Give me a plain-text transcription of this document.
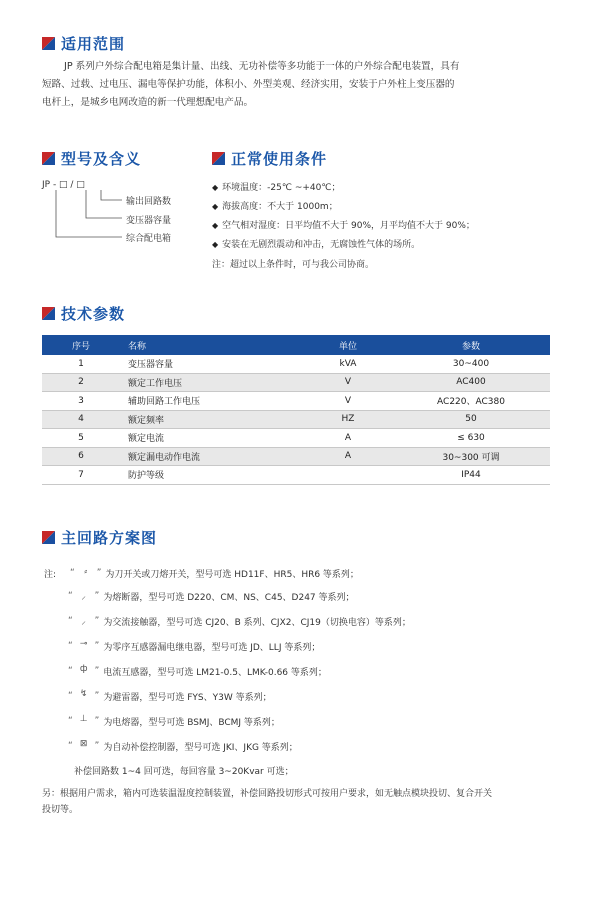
适用范围
JP 系列户外综合配电箱是集计量、出线、无功补偿等多功能于一体的户外综合配电装置，具有
短路、过载、过电压、漏电等保护功能，体积小、外型美观、经济实用，安装于户外柱上变压器的
电杆上，是城乡电网改造的新一代理想配电产品。
型号及含义
JP - □ / □
输出回路数
变压器容量
综合配电箱
正常使用条件
◆ 环境温度：-25℃ ~+40℃；
◆ 海拔高度：不大于 1000m；
◆ 空气相对湿度：日平均值不大于 90%，月平均值不大于 90%；
◆ 安装在无剧烈震动和冲击，无腐蚀性气体的场所。
注：超过以上条件时，可与我公司协商。
技术参数
序号	名称	单位	参数
1	变压器容量	kVA	30~400
2	额定工作电压	V	AC400
3	辅助回路工作电压	V	AC220、AC380
4	额定频率	HZ	50
5	额定电流	A	≤ 630
6	额定漏电动作电流	A	30~300 可调
7	防护等级		IP44
主回路方案图
注: “	⸗	” 为刀开关或刀熔开关，型号可选 HD11F、HR5、HR6 等系列；
“ ⸝ ” 为熔断器，型号可选 D220、CM、NS、C45、D247 等系列；
“ ⸝ ” 为交流接触器，型号可选 CJ20、B 系列、CJX2、CJ19（切换电容）等系列；
“ ⊸ ” 为零序互感器漏电继电器，型号可选 JD、LLJ 等系列；
“ ф ” 电流互感器，型号可选 LM21-0.5、LMK-0.66 等系列；
“ ↯ ” 为避雷器，型号可选 FYS、Y3W 等系列；
“ ⊥ ” 为电熔器，型号可选 BSMJ、BCMJ 等系列；
“ ⊠ ” 为自动补偿控制器，型号可选 JKI、JKG 等系列；
补偿回路数 1~4 回可选，每回容量 3~20Kvar 可选；
另：根据用户需求，箱内可选装温湿度控制装置，补偿回路投切形式可按用户要求，如无触点模块投切、复合开关
投切等。
